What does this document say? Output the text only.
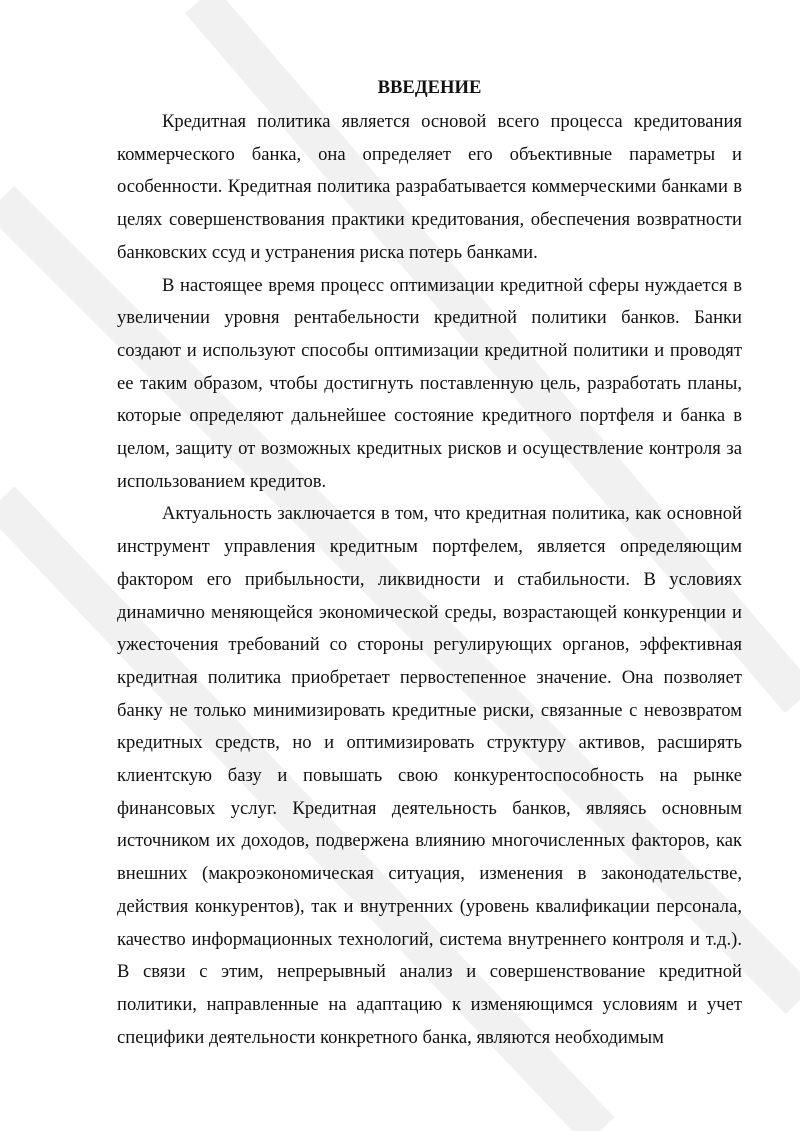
ВВЕДЕНИЕ

Кредитная политика является основой всего процесса кредитования коммерческого банка, она определяет его объективные параметры и особенности. Кредитная политика разрабатывается коммерческими банками в целях совершенствования практики кредитования, обеспечения возвратности банковских ссуд и устранения риска потерь банками.

В настоящее время процесс оптимизации кредитной сферы нуждается в увеличении уровня рентабельности кредитной политики банков. Банки создают и используют способы оптимизации кредитной политики и проводят ее таким образом, чтобы достигнуть поставленную цель, разработать планы, которые определяют дальнейшее состояние кредитного портфеля и банка в целом, защиту от возможных кредитных рисков и осуществление контроля за использованием кредитов.

Актуальность заключается в том, что кредитная политика, как основной инструмент управления кредитным портфелем, является определяющим фактором его прибыльности, ликвидности и стабильности. В условиях динамично меняющейся экономической среды, возрастающей конкуренции и ужесточения требований со стороны регулирующих органов, эффективная кредитная политика приобретает первостепенное значение. Она позволяет банку не только минимизировать кредитные риски, связанные с невозвратом кредитных средств, но и оптимизировать структуру активов, расширять клиентскую базу и повышать свою конкурентоспособность на рынке финансовых услуг. Кредитная деятельность банков, являясь основным источником их доходов, подвержена влиянию многочисленных факторов, как внешних (макроэкономическая ситуация, изменения в законодательстве, действия конкурентов), так и внутренних (уровень квалификации персонала, качество информационных технологий, система внутреннего контроля и т.д.). В связи с этим, непрерывный анализ и совершенствование кредитной политики, направленные на адаптацию к изменяющимся условиям и учет специфики деятельности конкретного банка, являются необходимым
